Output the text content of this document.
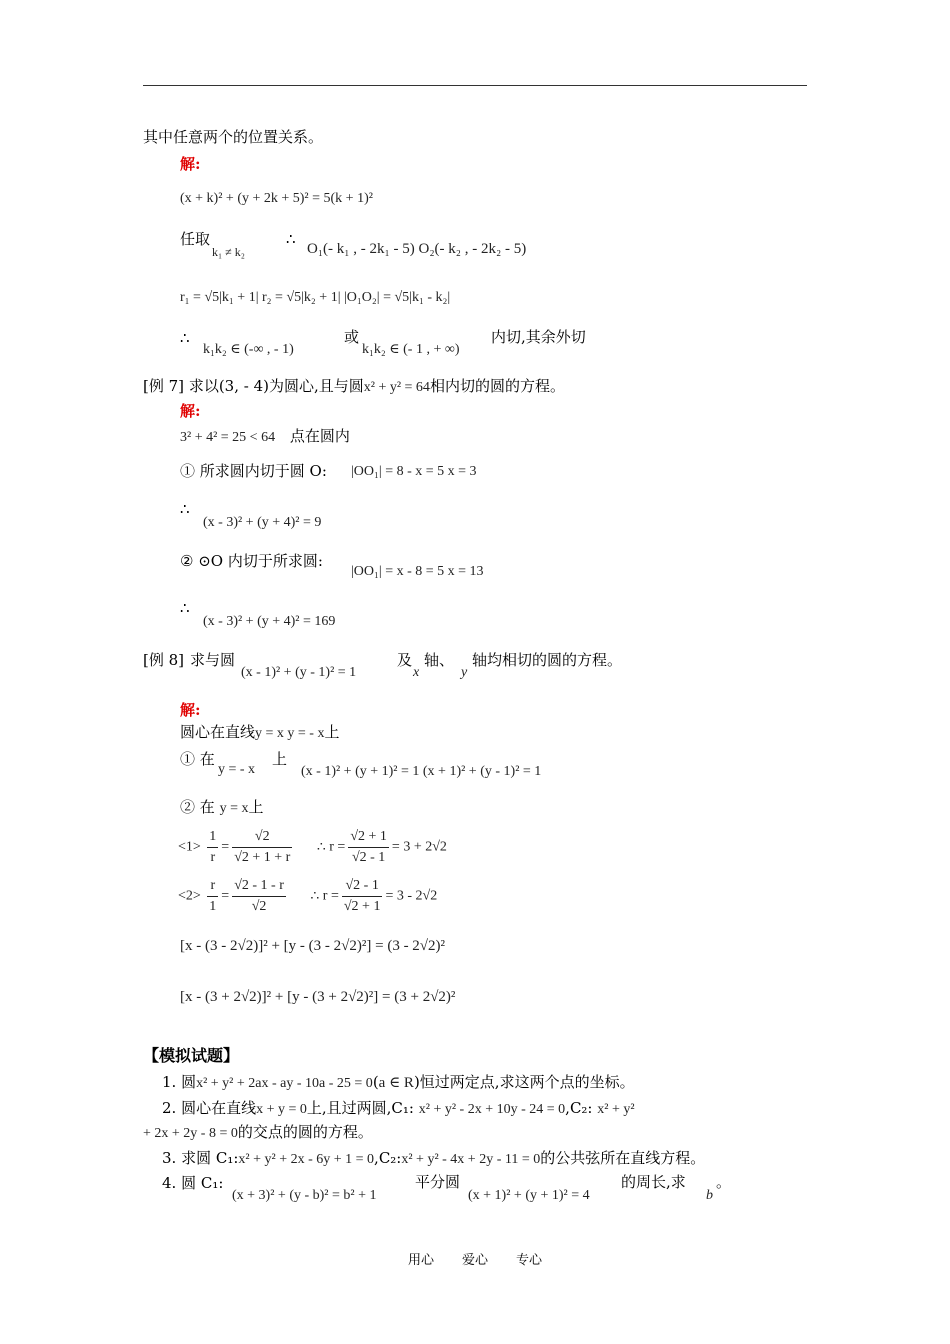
其中任意两个的位置关系。
解:
(x + k)² + (y + 2k + 5)² = 5(k + 1)²
任取
k₁ ≠ k₂
∴
O₁(- k₁ , - 2k₁ - 5) O₂(- k₂ , - 2k₂ - 5)
r₁ = √5|k₁ + 1| r₂ = √5|k₂ + 1| |O₁O₂| = √5|k₁ - k₂|
∴
k₁k₂ ∈ (-∞ , - 1)
或
k₁k₂ ∈ (- 1 , + ∞)
内切,其余外切
[例 7] 求以(3, - 4)为圆心,且与圆x² + y² = 64相内切的圆的方程。
解:
3² + 4² = 25 < 64 点在圆内
① 所求圆内切于圆 O: |OO₁| = 8 - x = 5 x = 3
∴
(x - 3)² + (y + 4)² = 9
② ⊙O 内切于所求圆:
|OO₁| = x - 8 = 5 x = 13
∴
(x - 3)² + (y + 4)² = 169
[例 8] 求与圆
(x - 1)² + (y - 1)² = 1
及
x
轴、
y
轴均相切的圆的方程。
解:
圆心在直线y = x y = - x上
① 在
y = - x
上
(x - 1)² + (y + 1)² = 1 (x + 1)² + (y - 1)² = 1
② 在 y = x上
$<1> \frac{1}{r} = \frac{√2}{√2 + 1 + r}$ ∴ $r = \frac{√2 + 1}{√2 - 1} = 3 + 2√2$
$<2> \frac{r}{1} = \frac{√2 - 1 - r}{√2}$ ∴ $r = \frac{√2 - 1}{√2 + 1} = 3 - 2√2$
[x - (3 - 2√2)]² + [y - (3 - 2√2)²] = (3 - 2√2)²
[x - (3 + 2√2)]² + [y - (3 + 2√2)²] = (3 + 2√2)²
【模拟试题】
1. 圆x² + y² + 2ax - ay - 10a - 25 = 0(a ∈ R)恒过两定点,求这两个点的坐标。
2. 圆心在直线x + y = 0上,且过两圆,C₁: x² + y² - 2x + 10y - 24 = 0,C₂: x² + y²
+ 2x + 2y - 8 = 0的交点的圆的方程。
3. 求圆 C₁:x² + y² + 2x - 6y + 1 = 0,C₂:x² + y² - 4x + 2y - 11 = 0的公共弦所在直线方程。
4. 圆 C₁:
(x + 3)² + (y - b)² = b² + 1
平分圆
(x + 1)² + (y + 1)² = 4
的周长,求
b
。
用心 爱心 专心
